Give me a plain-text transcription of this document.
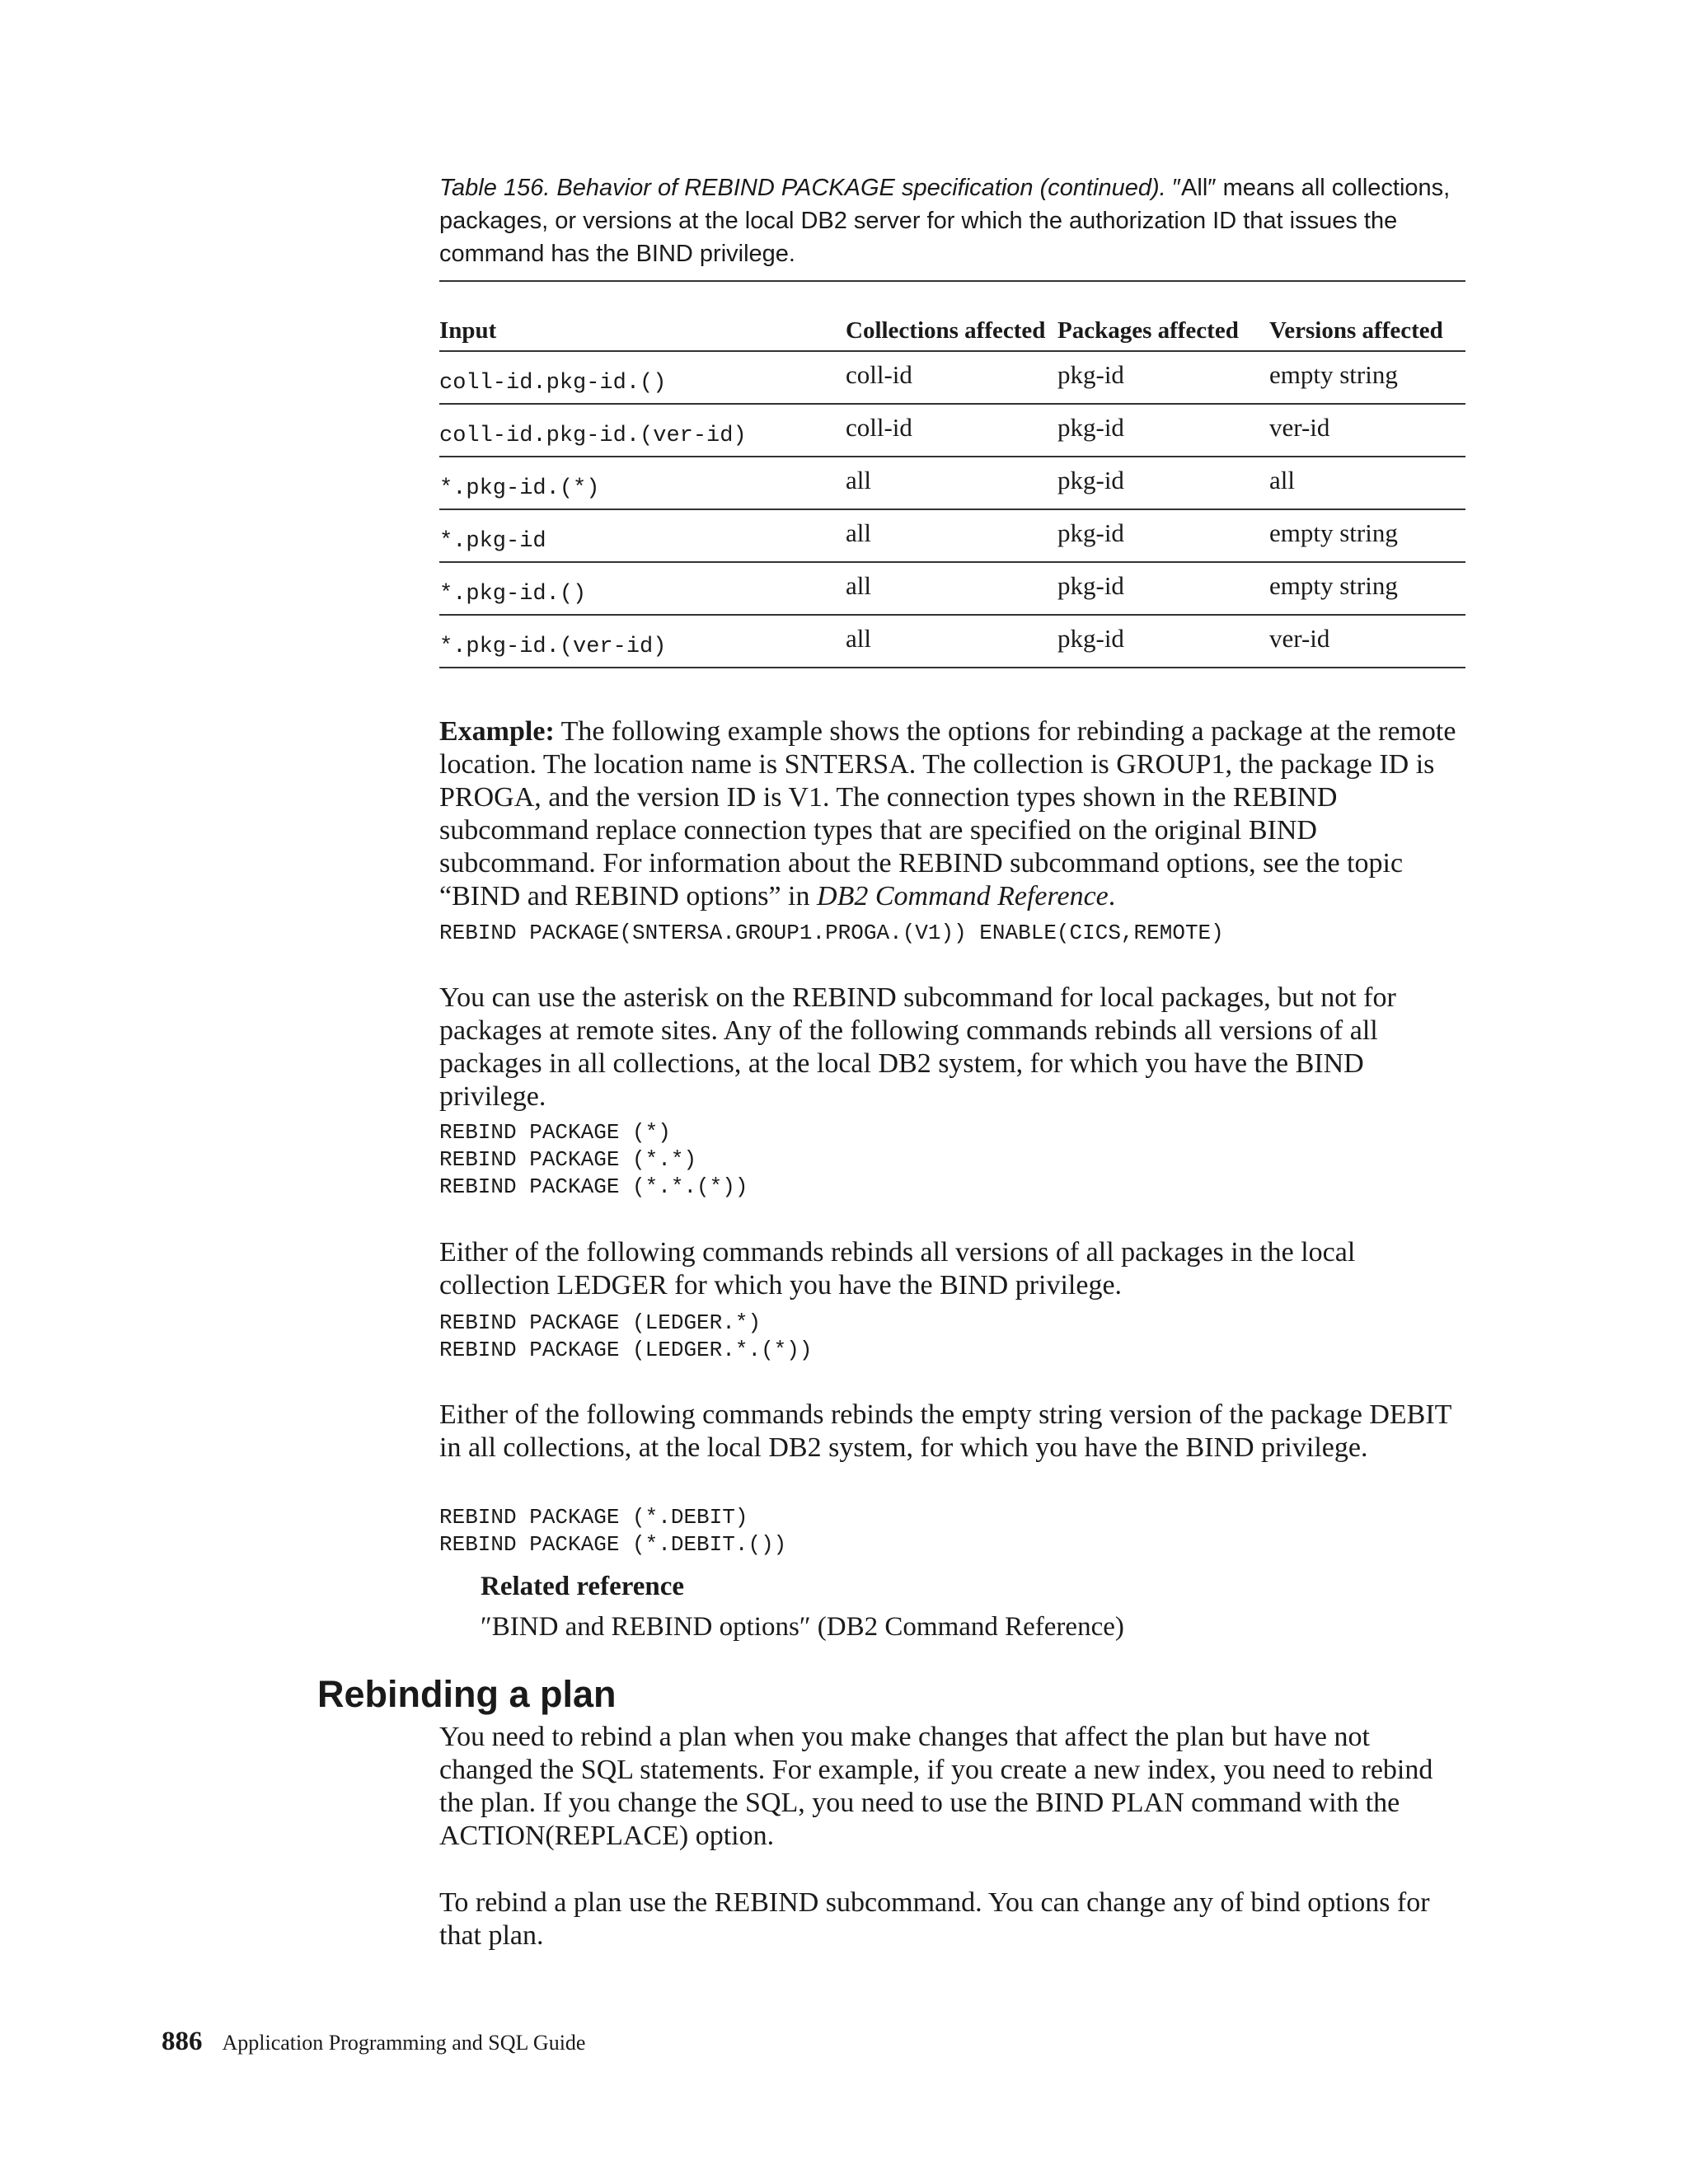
Table 156. Behavior of REBIND PACKAGE specification (continued). ″All″ means all collections, packages, or versions at the local DB2 server for which the authorization ID that issues the command has the BIND privilege.
Input	Collections affected	Packages affected	Versions affected
coll-id.pkg-id.()	coll-id	pkg-id	empty string
coll-id.pkg-id.(ver-id)	coll-id	pkg-id	ver-id
*.pkg-id.(*)	all	pkg-id	all
*.pkg-id	all	pkg-id	empty string
*.pkg-id.()	all	pkg-id	empty string
*.pkg-id.(ver-id)	all	pkg-id	ver-id

Example: The following example shows the options for rebinding a package at the remote location. The location name is SNTERSA. The collection is GROUP1, the package ID is PROGA, and the version ID is V1. The connection types shown in the REBIND subcommand replace connection types that are specified on the original BIND subcommand. For information about the REBIND subcommand options, see the topic “BIND and REBIND options” in DB2 Command Reference.

REBIND PACKAGE(SNTERSA.GROUP1.PROGA.(V1)) ENABLE(CICS,REMOTE)

You can use the asterisk on the REBIND subcommand for local packages, but not for packages at remote sites. Any of the following commands rebinds all versions of all packages in all collections, at the local DB2 system, for which you have the BIND privilege.

REBIND PACKAGE (*)
REBIND PACKAGE (*.*)
REBIND PACKAGE (*.*.(*))

Either of the following commands rebinds all versions of all packages in the local collection LEDGER for which you have the BIND privilege.

REBIND PACKAGE (LEDGER.*)
REBIND PACKAGE (LEDGER.*.(*))

Either of the following commands rebinds the empty string version of the package DEBIT in all collections, at the local DB2 system, for which you have the BIND privilege.

REBIND PACKAGE (*.DEBIT)
REBIND PACKAGE (*.DEBIT.())
Related reference
″BIND and REBIND options″ (DB2 Command Reference)
Rebinding a plan

You need to rebind a plan when you make changes that affect the plan but have not changed the SQL statements. For example, if you create a new index, you need to rebind the plan. If you change the SQL, you need to use the BIND PLAN command with the ACTION(REPLACE) option.

To rebind a plan use the REBIND subcommand. You can change any of bind options for that plan.

886 Application Programming and SQL Guide
